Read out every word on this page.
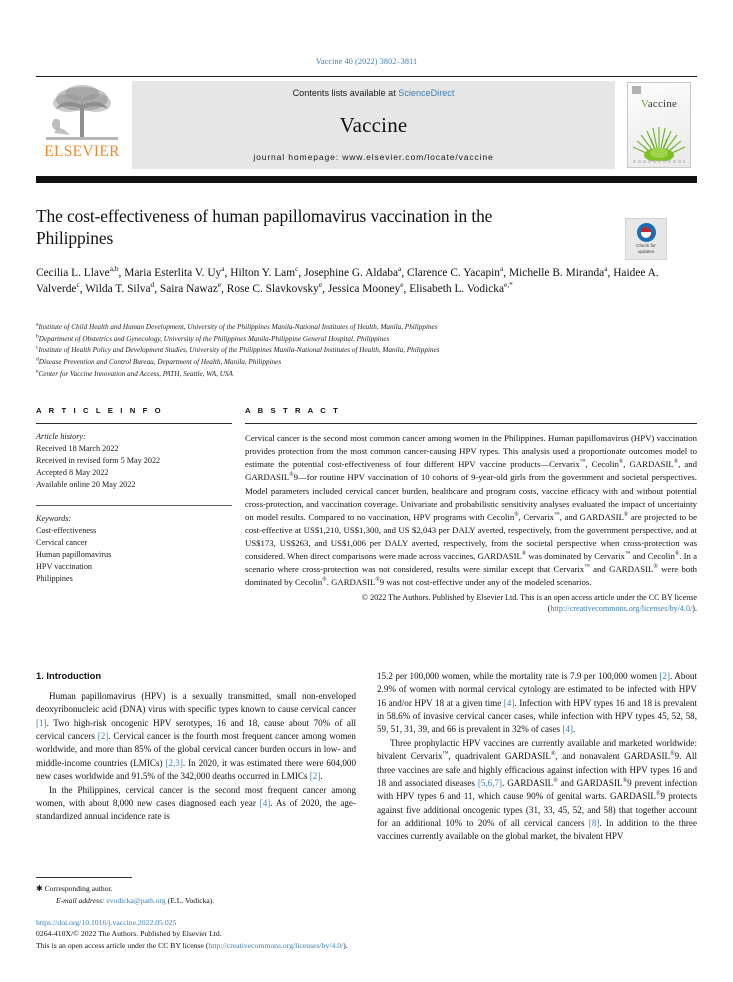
Vaccine 40 (2022) 3802–3811
ELSEVIER
Contents lists available at ScienceDirect
Vaccine
journal homepage: www.elsevier.com/locate/vaccine
Vaccine
The cost-effectiveness of human papillomavirus vaccination in the Philippines	Check for
updates
Cecilia L. Llave$^{a,b}$, Maria Esterlita V. Uy$^a$, Hilton Y. Lam$^c$, Josephine G. Aldaba$^a$, Clarence C. Yacapin$^a$, Michelle B. Miranda$^a$, Haidee A. Valverde$^c$, Wilda T. Silva$^d$, Saira Nawaz$^e$, Rose C. Slavkovsky$^e$, Jessica Mooney$^e$, Elisabeth L. Vodicka$^{e,*}$
$^a$Institute of Child Health and Human Development, University of the Philippines Manila-National Institutes of Health, Manila, Philippines
$^b$Department of Obstetrics and Gynecology, University of the Philippines Manila-Philippine General Hospital, Philippines
$^c$Institute of Health Policy and Development Studies, University of the Philippines Manila-National Institutes of Health, Manila, Philippines
$^d$Disease Prevention and Control Bureau, Department of Health, Manila, Philippines
$^e$Center for Vaccine Innovation and Access, PATH, Seattle, WA, USA
A R T I C L E I N F O
Article history:
Received 18 March 2022
Received in revised form 5 May 2022
Accepted 8 May 2022
Available online 20 May 2022
Keywords:
Cost-effectiveness
Cervical cancer
Human papillomavirus
HPV vaccination
Philippines
A B S T R A C T
Cervical cancer is the second most common cancer among women in the Philippines. Human papillomavirus (HPV) vaccination provides protection from the most common cancer-causing HPV types. This analysis used a proportionate outcomes model to estimate the potential cost-effectiveness of four different HPV vaccine products—Cervarix™, Cecolin®, GARDASIL®, and GARDASIL®9—for routine HPV vaccination of 10 cohorts of 9-year-old girls from the government and societal perspectives. Model parameters included cervical cancer burden, healthcare and program costs, vaccine efficacy with and without potential cross-protection, and vaccination coverage. Univariate and probabilistic sensitivity analyses evaluated the impact of uncertainty on model results. Compared to no vaccination, HPV programs with Cecolin®, Cervarix™, and GARDASIL® are projected to be cost-effective at US$1,210, US$1,300, and US $2,043 per DALY averted, respectively, from the government perspective, and at US$173, US$263, and US$1,006 per DALY averted, respectively, from the societal perspective when cross-protection was considered. When direct comparisons were made across vaccines, GARDASIL® was dominated by Cervarix™ and Cecolin®. In a scenario where cross-protection was not considered, results were similar except that Cervarix™ and GARDASIL® were both dominated by Cecolin®. GARDASIL®9 was not cost-effective under any of the modeled scenarios.
© 2022 The Authors. Published by Elsevier Ltd. This is an open access article under the CC BY license (http://creativecommons.org/licenses/by/4.0/).
1. Introduction

Human papillomavirus (HPV) is a sexually transmitted, small non-enveloped deoxyribonucleic acid (DNA) virus with specific types known to cause cervical cancer [1]. Two high-risk oncogenic HPV serotypes, 16 and 18, cause about 70% of all cervical cancers [2]. Cervical cancer is the fourth most frequent cancer among women worldwide, and more than 85% of the global cervical cancer burden occurs in low- and middle-income countries (LMICs) [2,3]. In 2020, it was estimated there were 604,000 new cases worldwide and 91.5% of the 342,000 deaths occurred in LMICs [2].

In the Philippines, cervical cancer is the second most frequent cancer among women, with about 8,000 new cases diagnosed each year [4]. As of 2020, the age-standardized annual incidence rate is

15.2 per 100,000 women, while the mortality rate is 7.9 per 100,000 women [2]. About 2.9% of women with normal cervical cytology are estimated to be infected with HPV 16 and/or HPV 18 at a given time [4]. Infection with HPV types 16 and 18 is prevalent in 58.6% of invasive cervical cancer cases, while infection with HPV types 45, 52, 58, 59, 51, 31, 39, and 66 is prevalent in 32% of cases [4].

Three prophylactic HPV vaccines are currently available and marketed worldwide: bivalent Cervarix™, quadrivalent GARDASIL®, and nonavalent GARDASIL®9. All three vaccines are safe and highly efficacious against infection with HPV types 16 and 18 and associated diseases [5,6,7]. GARDASIL® and GARDASIL®9 prevent infection with HPV types 6 and 11, which cause 90% of genital warts. GARDASIL®9 protects against five additional oncogenic types (31, 33, 45, 52, and 58) that together account for an additional 10% to 20% of all cervical cancers [8]. In addition to the three vaccines currently available on the global market, the bivalent HPV

✱ Corresponding author.
E-mail address: evodicka@path.org (E.L. Vodicka).
https://doi.org/10.1016/j.vaccine.2022.05.025
0264-410X/© 2022 The Authors. Published by Elsevier Ltd.
This is an open access article under the CC BY license (http://creativecommons.org/licenses/by/4.0/).
